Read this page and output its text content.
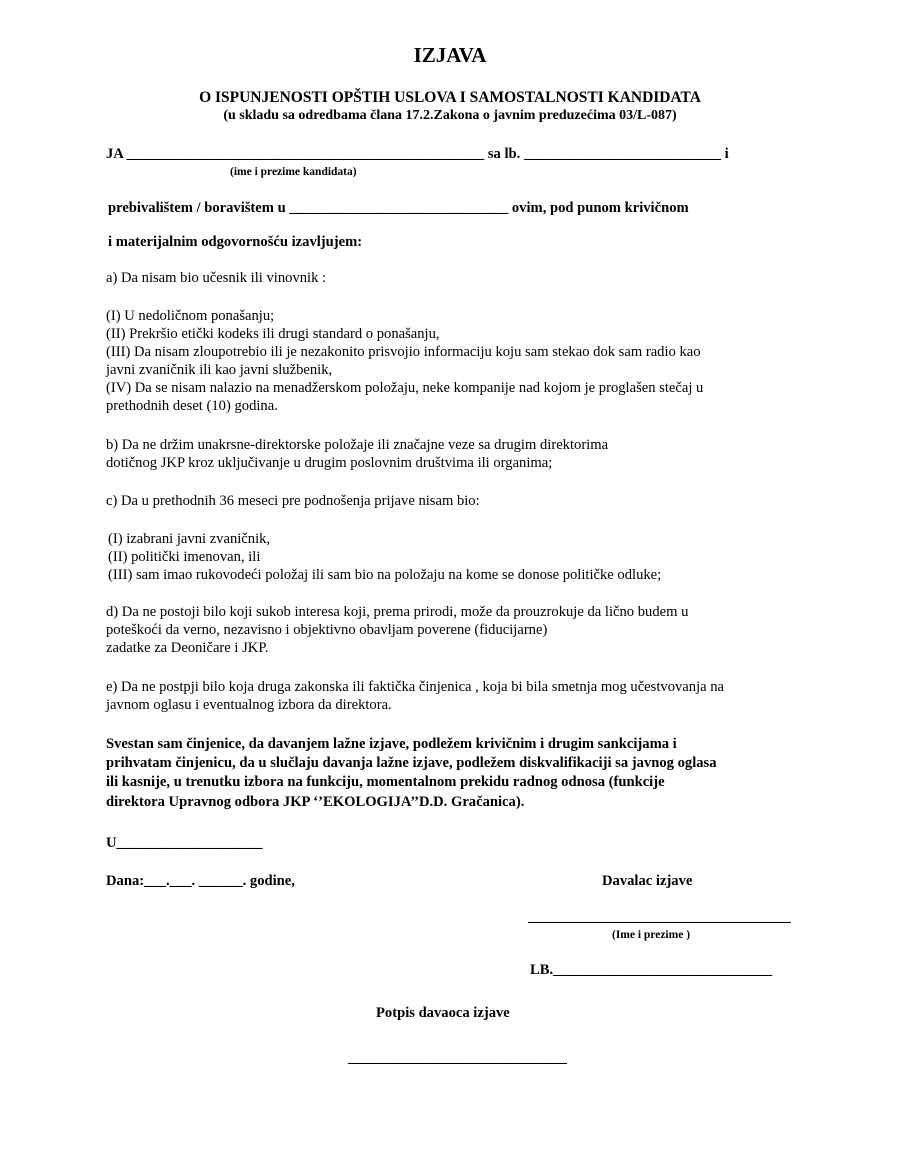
IZJAVA
O ISPUNJENOSTI OPŠTIH USLOVA I SAMOSTALNOSTI KANDIDATA
(u skladu sa odredbama člana 17.2.Zakona o javnim preduzećima 03/L-087)
JA _________________________________________________ sa lb. ___________________________ i
(ime i prezime kandidata)
prebivalištem / boravištem u ______________________________ ovim, pod punom krivičnom
i materijalnim odgovornošću izavljujem:
a) Da nisam bio učesnik ili vinovnik :
(I) U nedoličnom ponašanju;
(II) Prekršio etički kodeks ili drugi standard o ponašanju,
(III) Da nisam zloupotrebio ili je nezakonito prisvojio informaciju koju sam stekao dok sam radio kao
javni zvaničnik ili kao javni službenik,
(IV) Da se nisam nalazio na menadžerskom položaju, neke kompanije nad kojom je proglašen stečaj u
prethodnih deset (10) godina.
b) Da ne držim unakrsne-direktorske položaje ili značajne veze sa drugim direktorima
dotičnog JKP kroz uključivanje u drugim poslovnim društvima ili organima;
c) Da u prethodnih 36 meseci pre podnošenja prijave nisam bio:
(I) izabrani javni zvaničnik,
(II) politički imenovan, ili
(III) sam imao rukovodeći položaj ili sam bio na položaju na kome se donose političke odluke;
d) Da ne postoji bilo koji sukob interesa koji, prema prirodi, može da prouzrokuje da lično budem u
poteškoći da verno, nezavisno i objektivno obavljam poverene (fiducijarne)
zadatke za Deoničare i JKP.
e) Da ne postpji bilo koja druga zakonska ili faktička činjenica , koja bi bila smetnja mog učestvovanja na
javnom oglasu i eventualnog izbora da direktora.
Svestan sam činjenice, da davanjem lažne izjave, podležem krivičnim i drugim sankcijama i
prihvatam činjenicu, da u slučlaju davanja lažne izjave, podležem diskvalifikaciji sa javnog oglasa
ili kasnije, u trenutku izbora na funkciju, momentalnom prekidu radnog odnosa (funkcije
direktora Upravnog odbora JKP ‘’EKOLOGIJA’’D.D. Gračanica).
U____________________
Dana:___.___. ______. godine,	Davalac izjave
____________________________________
(Ime i prezime )
LB.______________________________
Potpis davaoca izjave
______________________________
